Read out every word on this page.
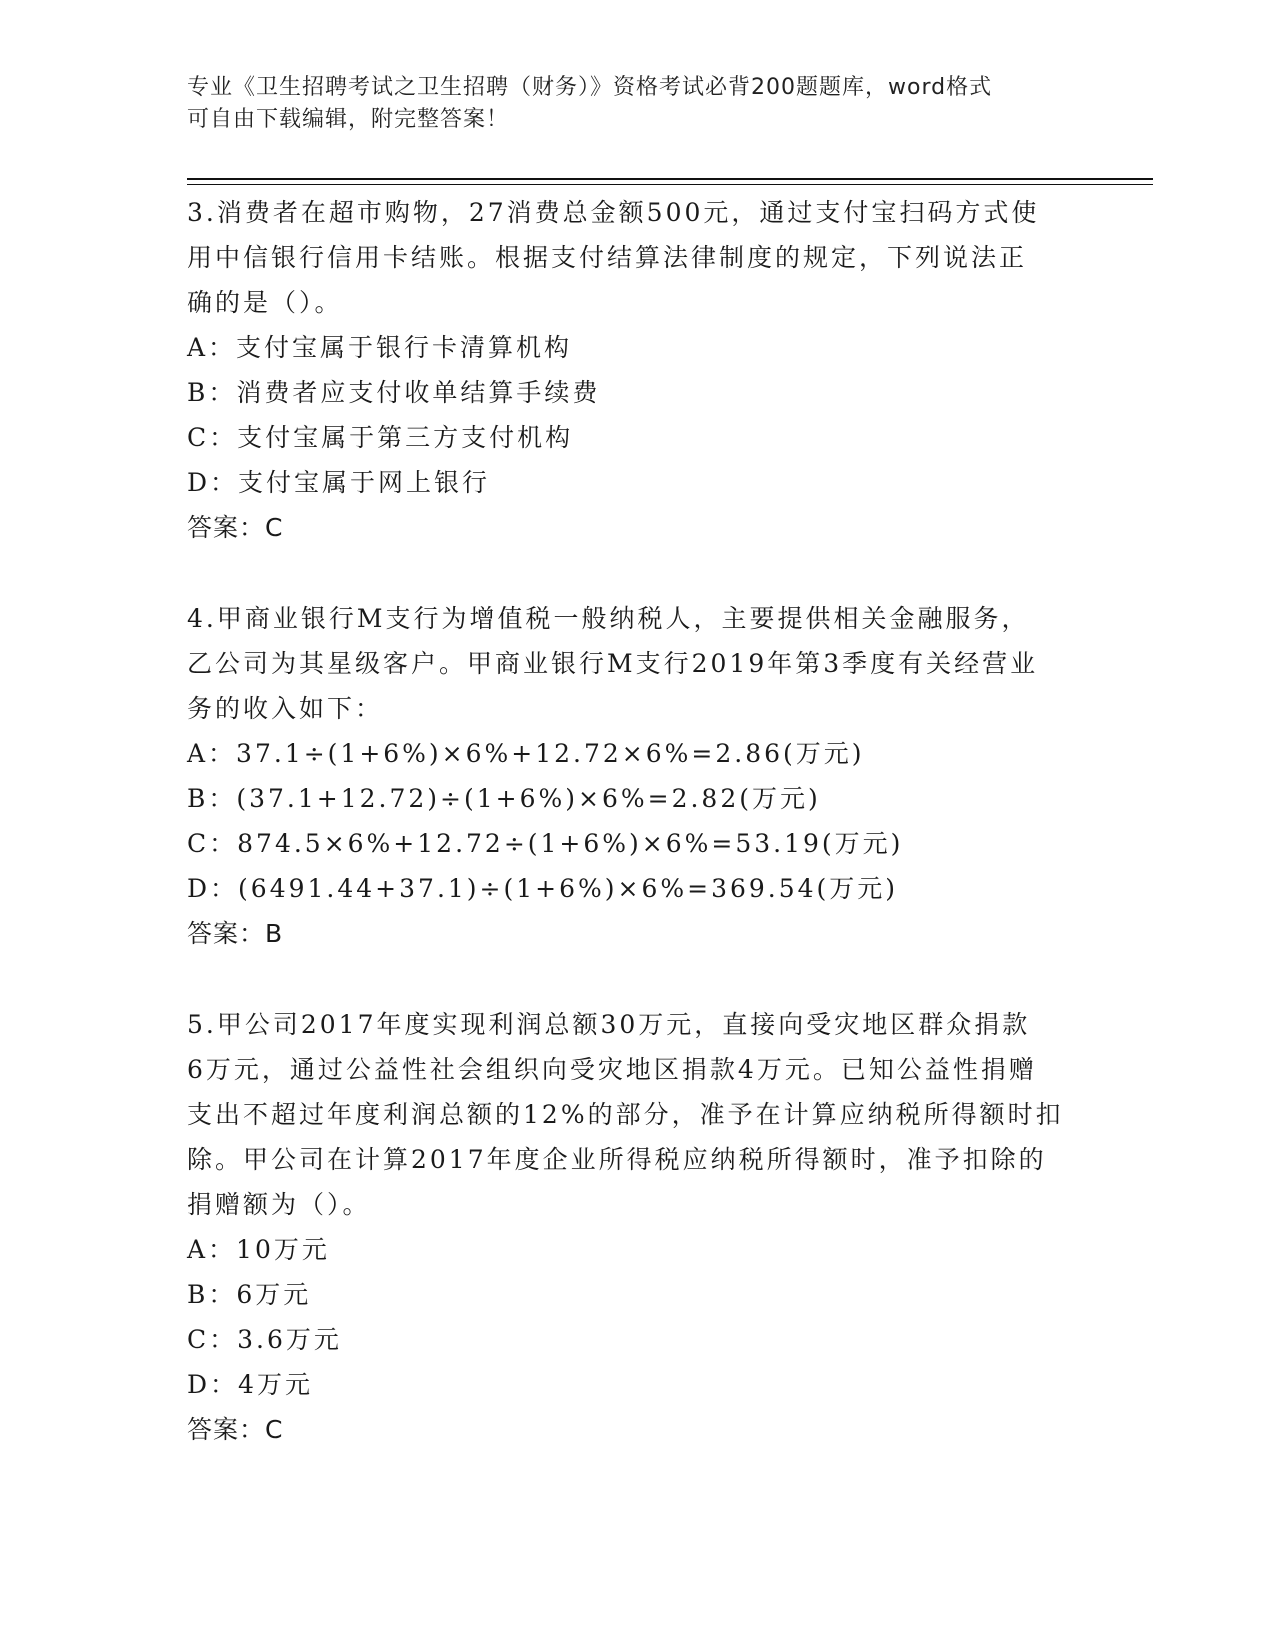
专业《卫生招聘考试之卫生招聘（财务）》资格考试必背200题题库，word格式
可自由下载编辑，附完整答案！

3.消费者在超市购物，27消费总金额500元，通过支付宝扫码方式使
用中信银行信用卡结账。根据支付结算法律制度的规定，下列说法正
确的是（）。

A：支付宝属于银行卡清算机构
B：消费者应支付收单结算手续费
C：支付宝属于第三方支付机构
D：支付宝属于网上银行

答案：C

4.甲商业银行M支行为增值税一般纳税人，主要提供相关金融服务，
乙公司为其星级客户。甲商业银行M支行2019年第3季度有关经营业
务的收入如下：

A：37.1÷(1+6%)×6%+12.72×6%=2.86(万元)
B：(37.1+12.72)÷(1+6%)×6%=2.82(万元)
C：874.5×6%+12.72÷(1+6%)×6%=53.19(万元)
D：(6491.44+37.1)÷(1+6%)×6%=369.54(万元)

答案：B

5.甲公司2017年度实现利润总额30万元，直接向受灾地区群众捐款
6万元，通过公益性社会组织向受灾地区捐款4万元。已知公益性捐赠
支出不超过年度利润总额的12%的部分，准予在计算应纳税所得额时扣
除。甲公司在计算2017年度企业所得税应纳税所得额时，准予扣除的
捐赠额为（）。

A：10万元
B：6万元
C：3.6万元
D：4万元

答案：C
